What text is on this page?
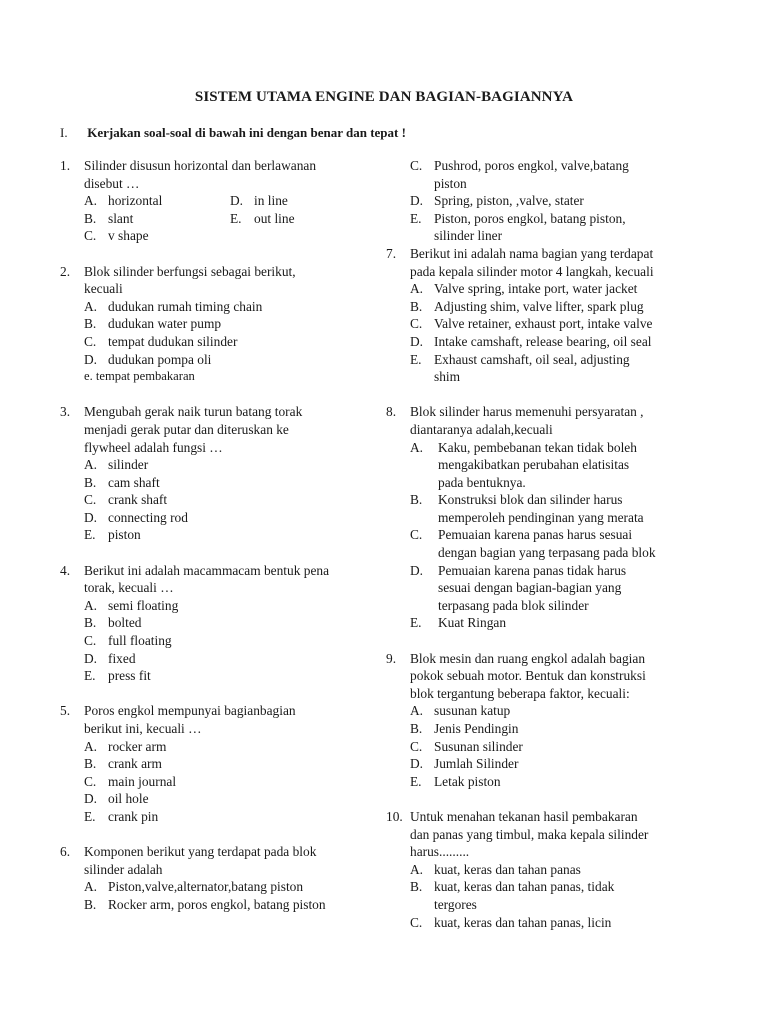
SISTEM UTAMA ENGINE DAN BAGIAN-BAGIANNYA
I. Kerjakan soal-soal di bawah ini dengan benar dan tepat !
1. Silinder disusun horizontal dan berlawanan
disebut …
A. horizontal	D. in line
B. slant	E. out line
C. v shape
2. Blok silinder berfungsi sebagai berikut,
kecuali
A. dudukan rumah timing chain
B. dudukan water pump
C. tempat dudukan silinder
D. dudukan pompa oli
e. tempat pembakaran
3. Mengubah gerak naik turun batang torak
menjadi gerak putar dan diteruskan ke
flywheel adalah fungsi …
A. silinder
B. cam shaft
C. crank shaft
D. connecting rod
E. piston
4. Berikut ini adalah macammacam bentuk pena
torak, kecuali …
A. semi floating
B. bolted
C. full floating
D. fixed
E. press fit
5. Poros engkol mempunyai bagianbagian
berikut ini, kecuali …
A. rocker arm
B. crank arm
C. main journal
D. oil hole
E. crank pin
6. Komponen berikut yang terdapat pada blok
silinder adalah
A. Piston,valve,alternator,batang piston
B. Rocker arm, poros engkol, batang piston
C. Pushrod, poros engkol, valve,batang
piston
D. Spring, piston, ,valve, stater
E. Piston, poros engkol, batang piston,
silinder liner
7. Berikut ini adalah nama bagian yang terdapat
pada kepala silinder motor 4 langkah, kecuali
A. Valve spring, intake port, water jacket
B. Adjusting shim, valve lifter, spark plug
C. Valve retainer, exhaust port, intake valve
D. Intake camshaft, release bearing, oil seal
E. Exhaust camshaft, oil seal, adjusting
shim
8. Blok silinder harus memenuhi persyaratan ,
diantaranya adalah,kecuali
A. Kaku, pembebanan tekan tidak boleh
mengakibatkan perubahan elatisitas
pada bentuknya.
B. Konstruksi blok dan silinder harus
memperoleh pendinginan yang merata
C. Pemuaian karena panas harus sesuai
dengan bagian yang terpasang pada blok
D. Pemuaian karena panas tidak harus
sesuai dengan bagian-bagian yang
terpasang pada blok silinder
E. Kuat Ringan
9. Blok mesin dan ruang engkol adalah bagian
pokok sebuah motor. Bentuk dan konstruksi
blok tergantung beberapa faktor, kecuali:
A. susunan katup
B. Jenis Pendingin
C. Susunan silinder
D. Jumlah Silinder
E. Letak piston
10. Untuk menahan tekanan hasil pembakaran
dan panas yang timbul, maka kepala silinder
harus.........
A. kuat, keras dan tahan panas
B. kuat, keras dan tahan panas, tidak
tergores
C. kuat, keras dan tahan panas, licin
